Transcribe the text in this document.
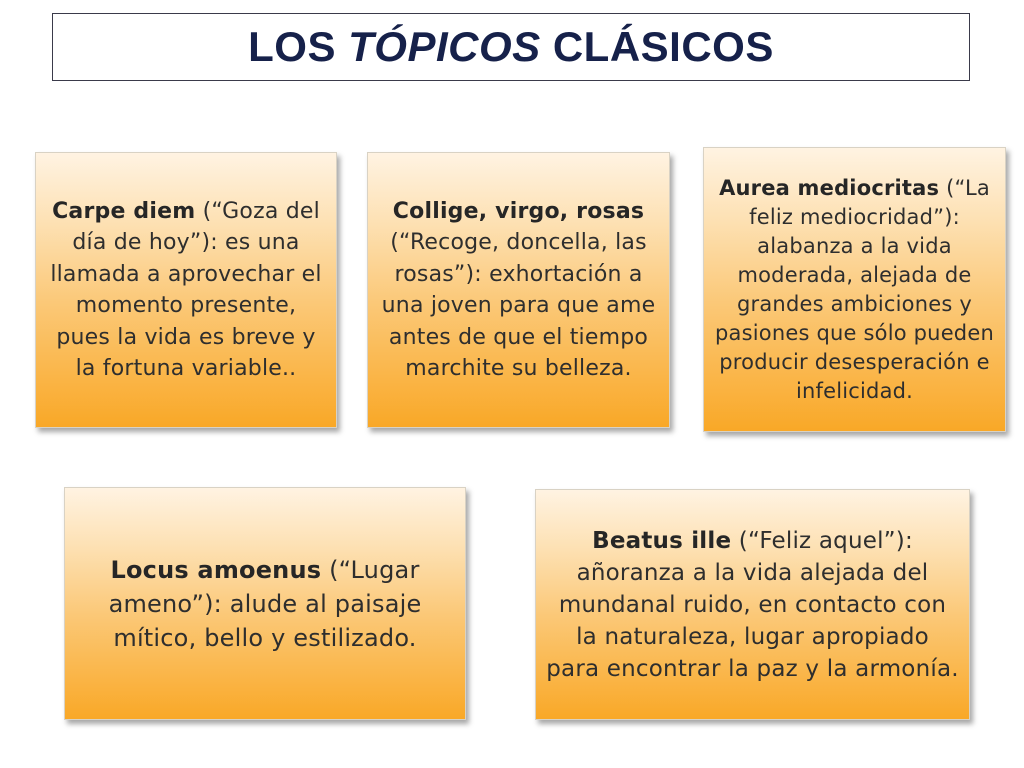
LOS TÓPICOS CLÁSICOS

Carpe diem (“Goza del día de hoy”): es una llamada a aprovechar el momento presente, pues la vida es breve y la fortuna variable..

Collige, virgo, rosas (“Recoge, doncella, las rosas”): exhortación a una joven para que ame antes de que el tiempo marchite su belleza.

Aurea mediocritas (“La feliz mediocridad”): alabanza a la vida moderada, alejada de grandes ambiciones y pasiones que sólo pueden producir desesperación e infelicidad.

Locus amoenus (“Lugar ameno”): alude al paisaje mítico, bello y estilizado.

Beatus ille (“Feliz aquel”): añoranza a la vida alejada del mundanal ruido, en contacto con la naturaleza, lugar apropiado para encontrar la paz y la armonía.
